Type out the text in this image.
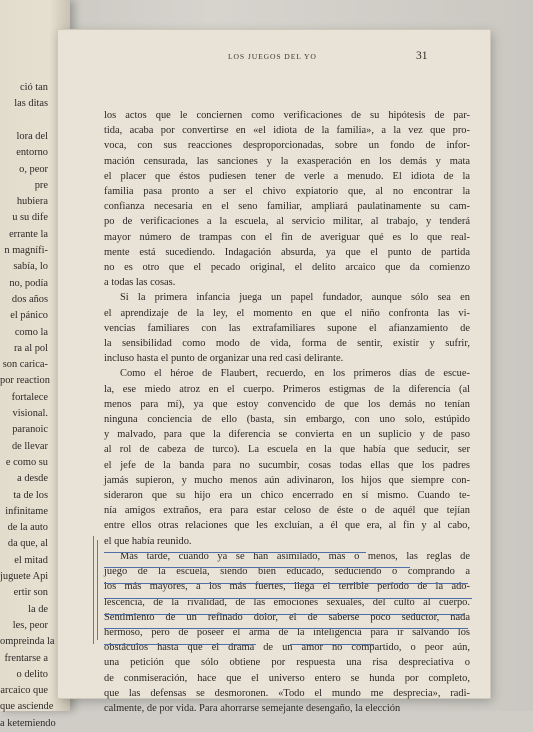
ció tan
las ditas
lora del
entorno
o, peor
pre
hubiera
u su dife
errante la
n magnífi-
sabía, lo
no, podía
dos años
el pánico
como la
ra al pol
son carica-
por reaction
fortalece
visional.
paranoic
de llevar
e como su
a desde
ta de los
infinitame
de la auto
da que, al
el mitad
juguete Api
ertir son
la de
les, peor
ompreinda la
frentarse a
o delito
arcaico que
que asciende
a ketemiendo
LOS JUEGOS DEL YO	31
los actos que le conciernen como verificaciones de su hipótesis de par-
tida, acaba por convertirse en «el idiota de la familia», a la vez que pro-
voca, con sus reacciones desproporcionadas, sobre un fondo de infor-
mación censurada, las sanciones y la exasperación en los demás y mata
el placer que éstos pudiesen tener de verle a menudo. El idiota de la
familia pasa pronto a ser el chivo expiatorio que, al no encontrar la
confianza necesaria en el seno familiar, ampliará paulatinamente su cam-
po de verificaciones a la escuela, al servicio militar, al trabajo, y tenderá
mayor número de trampas con el fin de averiguar qué es lo que real-
mente está sucediendo. Indagación absurda, ya que el punto de partida
no es otro que el pecado original, el delito arcaico que da comienzo
a todas las cosas.
Si la primera infancia juega un papel fundador, aunque sólo sea en
el aprendizaje de la ley, el momento en que el niño confronta las vi-
vencias familiares con las extrafamiliares supone el afianzamiento de
la sensibilidad como modo de vida, forma de sentir, existir y sufrir,
incluso hasta el punto de organizar una red casi delirante.
Como el héroe de Flaubert, recuerdo, en los primeros días de escue-
la, ese miedo atroz en el cuerpo. Primeros estigmas de la diferencia (al
menos para mí), ya que estoy convencido de que los demás no tenían
ninguna conciencia de ello (basta, sin embargo, con uno solo, estúpido
y malvado, para que la diferencia se convierta en un suplicio y de paso
al rol de cabeza de turco). La escuela en la que había que seducir, ser
el jefe de la banda para no sucumbir, cosas todas ellas que los padres
jamás supieron, y mucho menos aún adivinaron, los hijos que siempre con-
sideraron que su hijo era un chico encerrado en sí mismo. Cuando te-
nía amigos extraños, era para estar celoso de éste o de aquél que tejían
entre ellos otras relaciones que les excluían, a él que era, al fin y al cabo,
el que había reunido.
Más tarde, cuando ya se han asimilado, más o menos, las reglas de
juego de la escuela, siendo bien educado, seduciendo o comprando a
los más mayores, a los más fuertes, llega el terrible período de la ado-
lescencia, de la rivalidad, de las emociones sexuales, del culto al cuerpo.
Sentimiento de un refinado dolor, el de saberse poco seductor, nada
hermoso, pero de poseer el arma de la inteligencia para ir salvando los
obstáculos hasta que el drama de un amor no compartido, o peor aún,
una petición que sólo obtiene por respuesta una risa despreciativa o
de conmiseración, hace que el universo entero se hunda por completo,
que las defensas se desmoronen. «Todo el mundo me desprecia», radi-
calmente, de por vida. Para ahorrarse semejante desengaño, la elección
